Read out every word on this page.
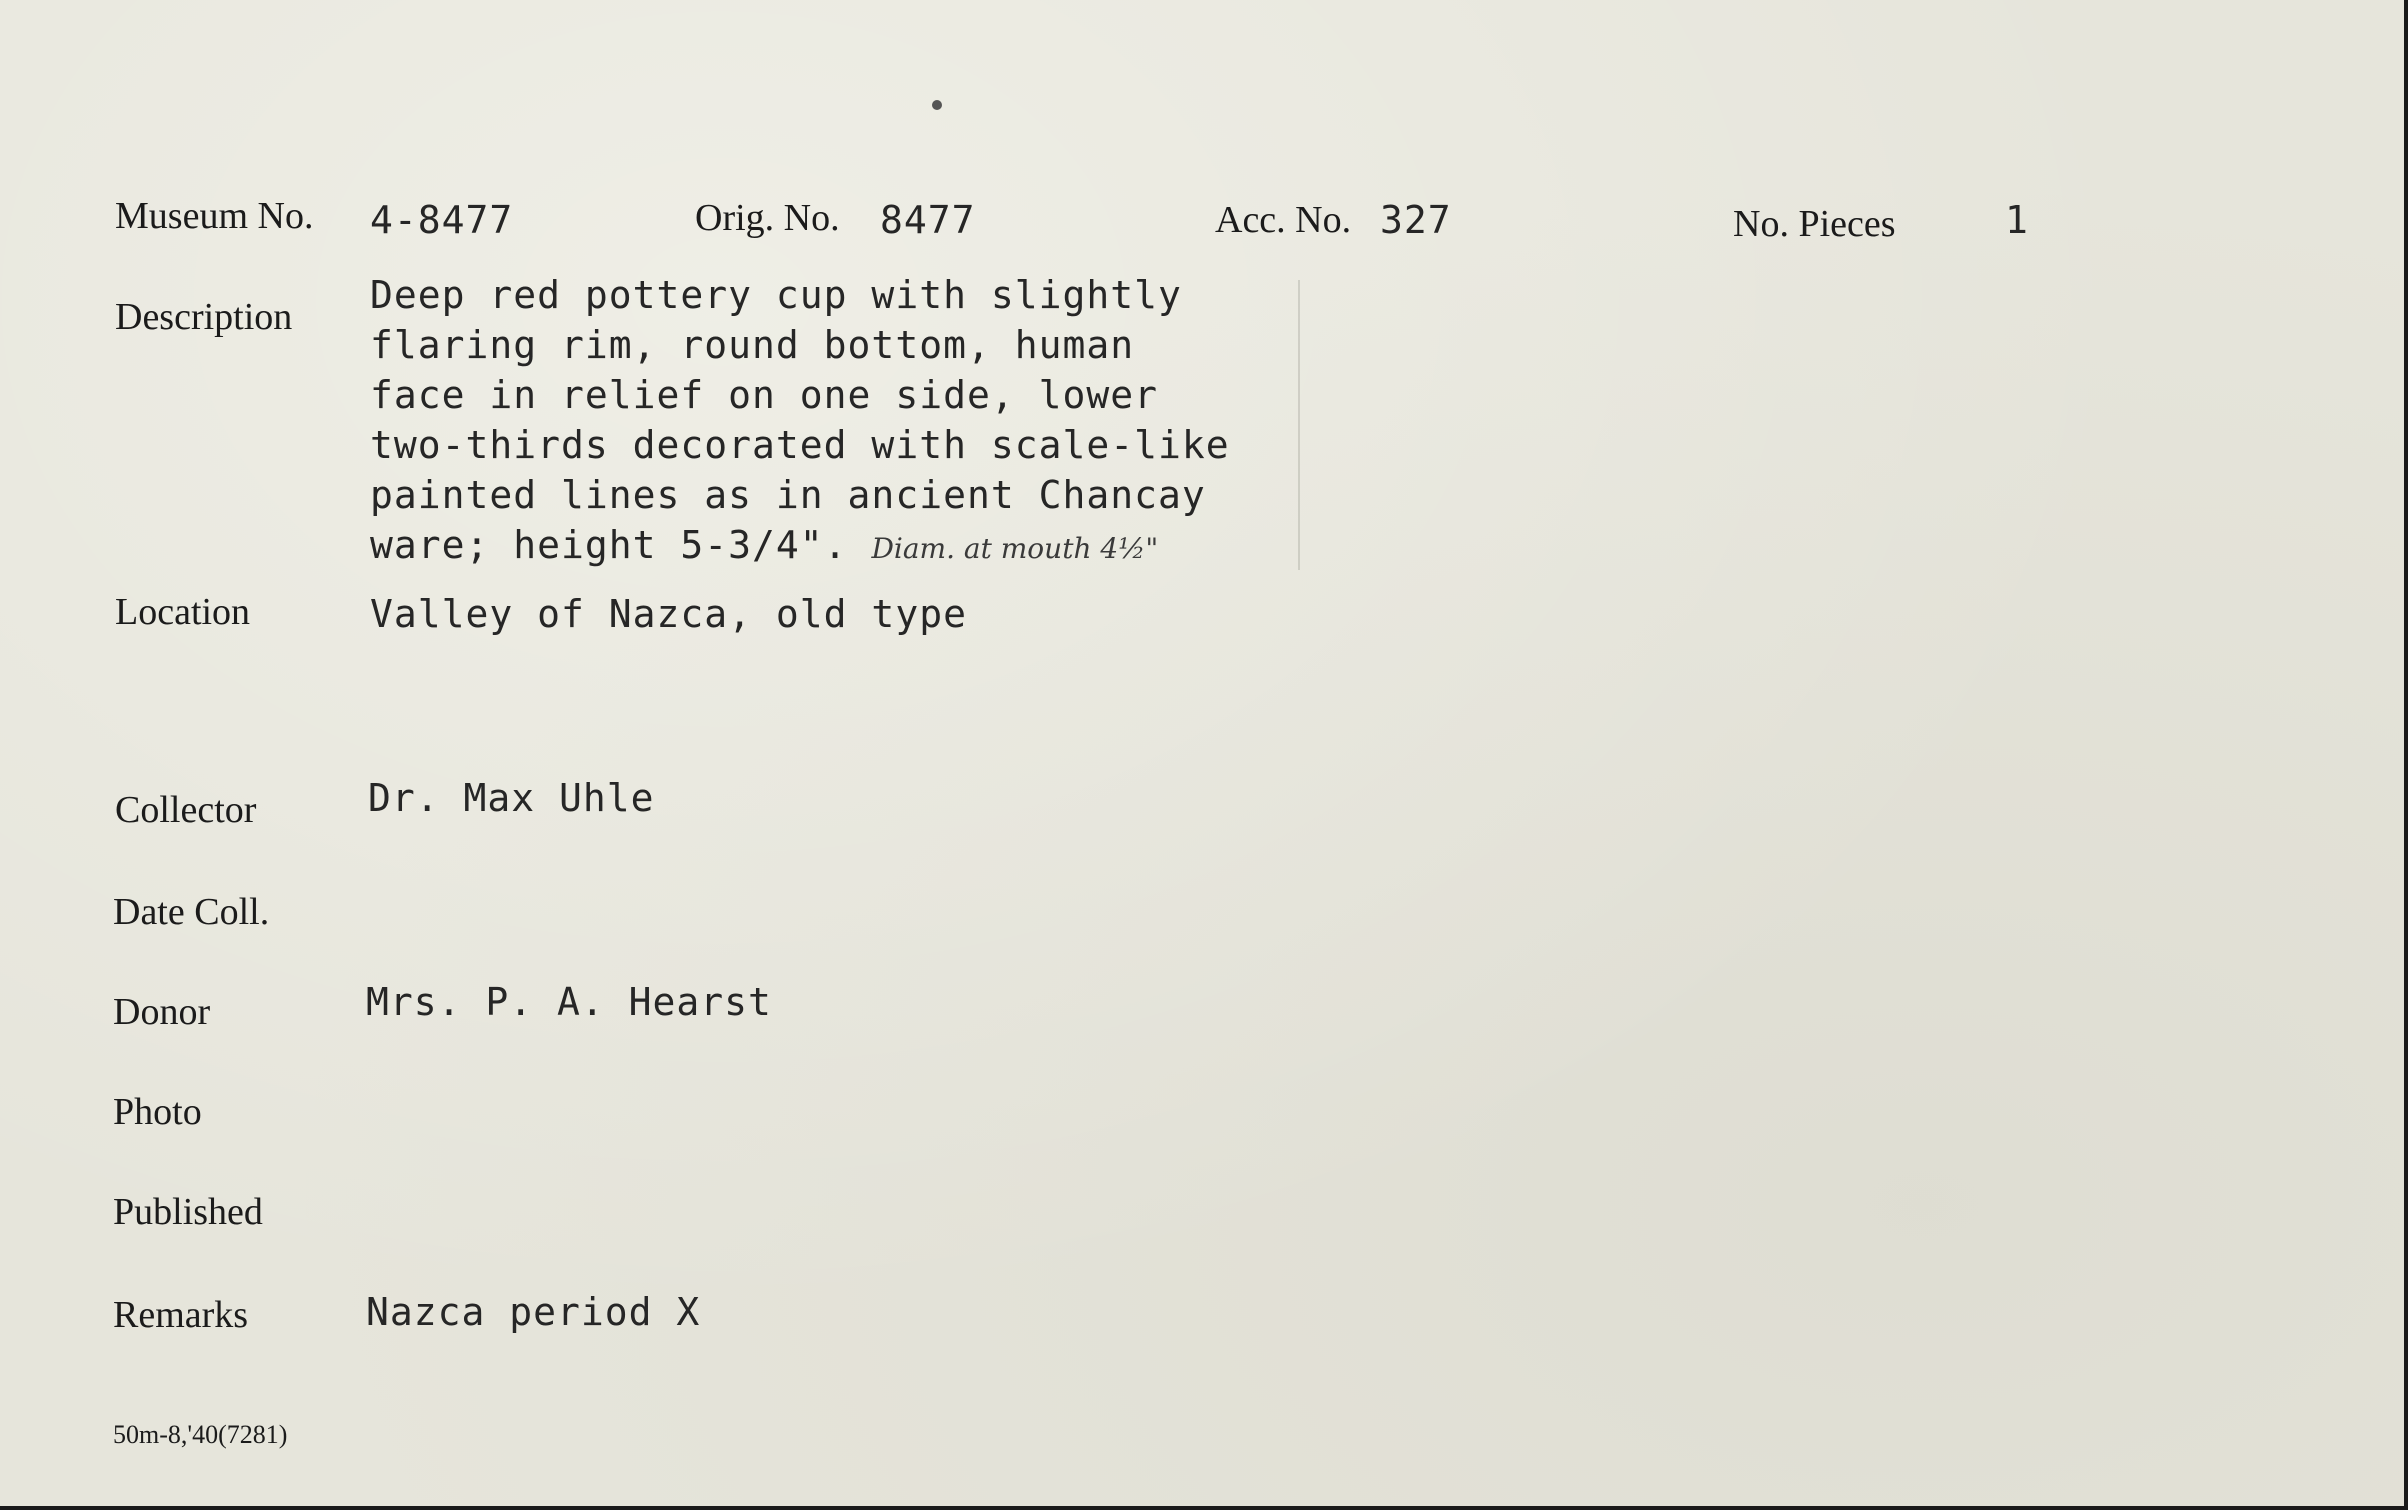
Museum No. 4-8477	Orig. No. 8477	Acc. No. 327	No. Pieces	1
Description Deep red pottery cup with slightly
flaring rim, round bottom, human
face in relief on one side, lower
two-thirds decorated with scale-like
painted lines as in ancient Chancay
ware; height 5-3/4". Diam. at mouth 4½"
Location	Valley of Nazca, old type
Collector	Dr. Max Uhle
Date Coll.
Donor	Mrs. P. A. Hearst
Photo
Published
Remarks	Nazca period X
50m-8,'40(7281)
